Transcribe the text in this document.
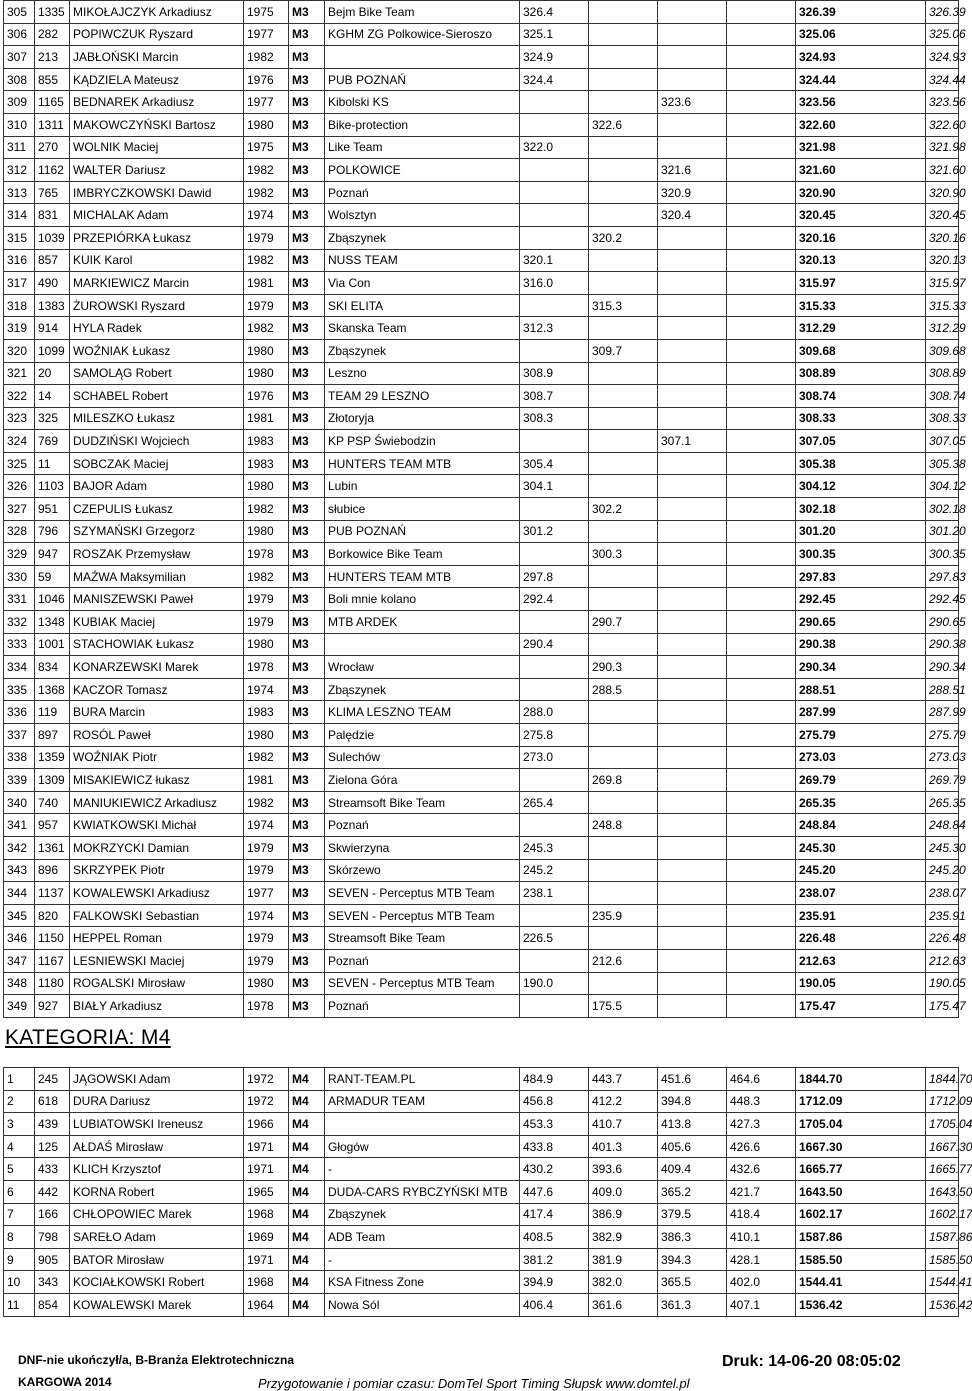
305	1335	MIKOŁAJCZYK Arkadiusz	1975	M3	Bejm Bike Team	326.4				326.39	326.39
306	282	POPIWCZUK Ryszard	1977	M3	KGHM ZG Polkowice-Sieroszo	325.1				325.06	325.06
307	213	JABŁOŃSKI Marcin	1982	M3		324.9				324.93	324.93
308	855	KĄDZIELA Mateusz	1976	M3	PUB POZNAŃ	324.4				324.44	324.44
309	1165	BEDNAREK Arkadiusz	1977	M3	Kibolski KS			323.6		323.56	323.56
310	1311	MAKOWCZYŃSKI Bartosz	1980	M3	Bike-protection		322.6			322.60	322.60
311	270	WOLNIK Maciej	1975	M3	Like Team	322.0				321.98	321.98
312	1162	WALTER Dariusz	1982	M3	POLKOWICE			321.6		321.60	321.60
313	765	IMBRYCZKOWSKI Dawid	1982	M3	Poznań			320.9		320.90	320.90
314	831	MICHALAK Adam	1974	M3	Wolsztyn			320.4		320.45	320.45
315	1039	PRZEPIÓRKA Łukasz	1979	M3	Zbąszynek		320.2			320.16	320.16
316	857	KUIK Karol	1982	M3	NUSS TEAM	320.1				320.13	320.13
317	490	MARKIEWICZ Marcin	1981	M3	Via Con	316.0				315.97	315.97
318	1383	ŻUROWSKI Ryszard	1979	M3	SKI ELITA		315.3			315.33	315.33
319	914	HYLA Radek	1982	M3	Skanska Team	312.3				312.29	312.29
320	1099	WOŹNIAK Łukasz	1980	M3	Zbąszynek		309.7			309.68	309.68
321	20	SAMOLĄG Robert	1980	M3	Leszno	308.9				308.89	308.89
322	14	SCHABEL Robert	1976	M3	TEAM 29 LESZNO	308.7				308.74	308.74
323	325	MILESZKO Łukasz	1981	M3	Złotoryja	308.3				308.33	308.33
324	769	DUDZIŃSKI Wojciech	1983	M3	KP PSP Świebodzin			307.1		307.05	307.05
325	11	SOBCZAK Maciej	1983	M3	HUNTERS TEAM MTB	305.4				305.38	305.38
326	1103	BAJOR Adam	1980	M3	Lubin	304.1				304.12	304.12
327	951	CZEPULIS Łukasz	1982	M3	słubice		302.2			302.18	302.18
328	796	SZYMAŃSKI Grzegorz	1980	M3	PUB POZNAŃ	301.2				301.20	301.20
329	947	ROSZAK Przemysław	1978	M3	Borkowice Bike Team		300.3			300.35	300.35
330	59	MAŹWA Maksymilian	1982	M3	HUNTERS TEAM MTB	297.8				297.83	297.83
331	1046	MANISZEWSKI Paweł	1979	M3	Boli mnie kolano	292.4				292.45	292.45
332	1348	KUBIAK Maciej	1979	M3	MTB ARDEK		290.7			290.65	290.65
333	1001	STACHOWIAK Łukasz	1980	M3		290.4				290.38	290.38
334	834	KONARZEWSKI Marek	1978	M3	Wrocław		290.3			290.34	290.34
335	1368	KACZOR Tomasz	1974	M3	Zbąszynek		288.5			288.51	288.51
336	119	BURA Marcin	1983	M3	KLIMA LESZNO TEAM	288.0				287.99	287.99
337	897	ROSÓL Paweł	1980	M3	Palędzie	275.8				275.79	275.79
338	1359	WOŹNIAK Piotr	1982	M3	Sulechów	273.0				273.03	273.03
339	1309	MISAKIEWICZ łukasz	1981	M3	Zielona Góra		269.8			269.79	269.79
340	740	MANIUKIEWICZ Arkadiusz	1982	M3	Streamsoft Bike Team	265.4				265.35	265.35
341	957	KWIATKOWSKI Michał	1974	M3	Poznań		248.8			248.84	248.84
342	1361	MOKRZYCKI Damian	1979	M3	Skwierzyna	245.3				245.30	245.30
343	896	SKRZYPEK Piotr	1979	M3	Skórzewo	245.2				245.20	245.20
344	1137	KOWALEWSKI Arkadiusz	1977	M3	SEVEN - Perceptus MTB Team	238.1				238.07	238.07
345	820	FALKOWSKI Sebastian	1974	M3	SEVEN - Perceptus MTB Team		235.9			235.91	235.91
346	1150	HEPPEL Roman	1979	M3	Streamsoft Bike Team	226.5				226.48	226.48
347	1167	LESNIEWSKI Maciej	1979	M3	Poznań		212.6			212.63	212.63
348	1180	ROGALSKI Mirosław	1980	M3	SEVEN - Perceptus MTB Team	190.0				190.05	190.05
349	927	BIAŁY Arkadiusz	1978	M3	Poznań		175.5			175.47	175.47
KATEGORIA: M4
1	245	JĄGOWSKI Adam	1972	M4	RANT-TEAM.PL	484.9	443.7	451.6	464.6	1844.70	1844.70
2	618	DURA Dariusz	1972	M4	ARMADUR TEAM	456.8	412.2	394.8	448.3	1712.09	1712.09
3	439	LUBIATOWSKI Ireneusz	1966	M4		453.3	410.7	413.8	427.3	1705.04	1705.04
4	125	AŁDAŚ Mirosław	1971	M4	Głogów	433.8	401.3	405.6	426.6	1667.30	1667.30
5	433	KLICH Krzysztof	1971	M4	-	430.2	393.6	409.4	432.6	1665.77	1665.77
6	442	KORNA Robert	1965	M4	DUDA-CARS RYBCZYŃSKI MTB	447.6	409.0	365.2	421.7	1643.50	1643.50
7	166	CHŁOPOWIEC Marek	1968	M4	Zbąszynek	417.4	386.9	379.5	418.4	1602.17	1602.17
8	798	SAREŁO Adam	1969	M4	ADB Team	408.5	382.9	386.3	410.1	1587.86	1587.86
9	905	BATOR Mirosław	1971	M4	-	381.2	381.9	394.3	428.1	1585.50	1585.50
10	343	KOCIAŁKOWSKI Robert	1968	M4	KSA Fitness Zone	394.9	382.0	365.5	402.0	1544.41	1544.41
11	854	KOWALEWSKI Marek	1964	M4	Nowa Sól	406.4	361.6	361.3	407.1	1536.42	1536.42
DNF-nie ukończył/a, B-Branża Elektrotechniczna
KARGOWA 2014	Przygotowanie i pomiar czasu: DomTel Sport Timing Słupsk www.domtel.pl
Druk: 14-06-20 08:05:02
